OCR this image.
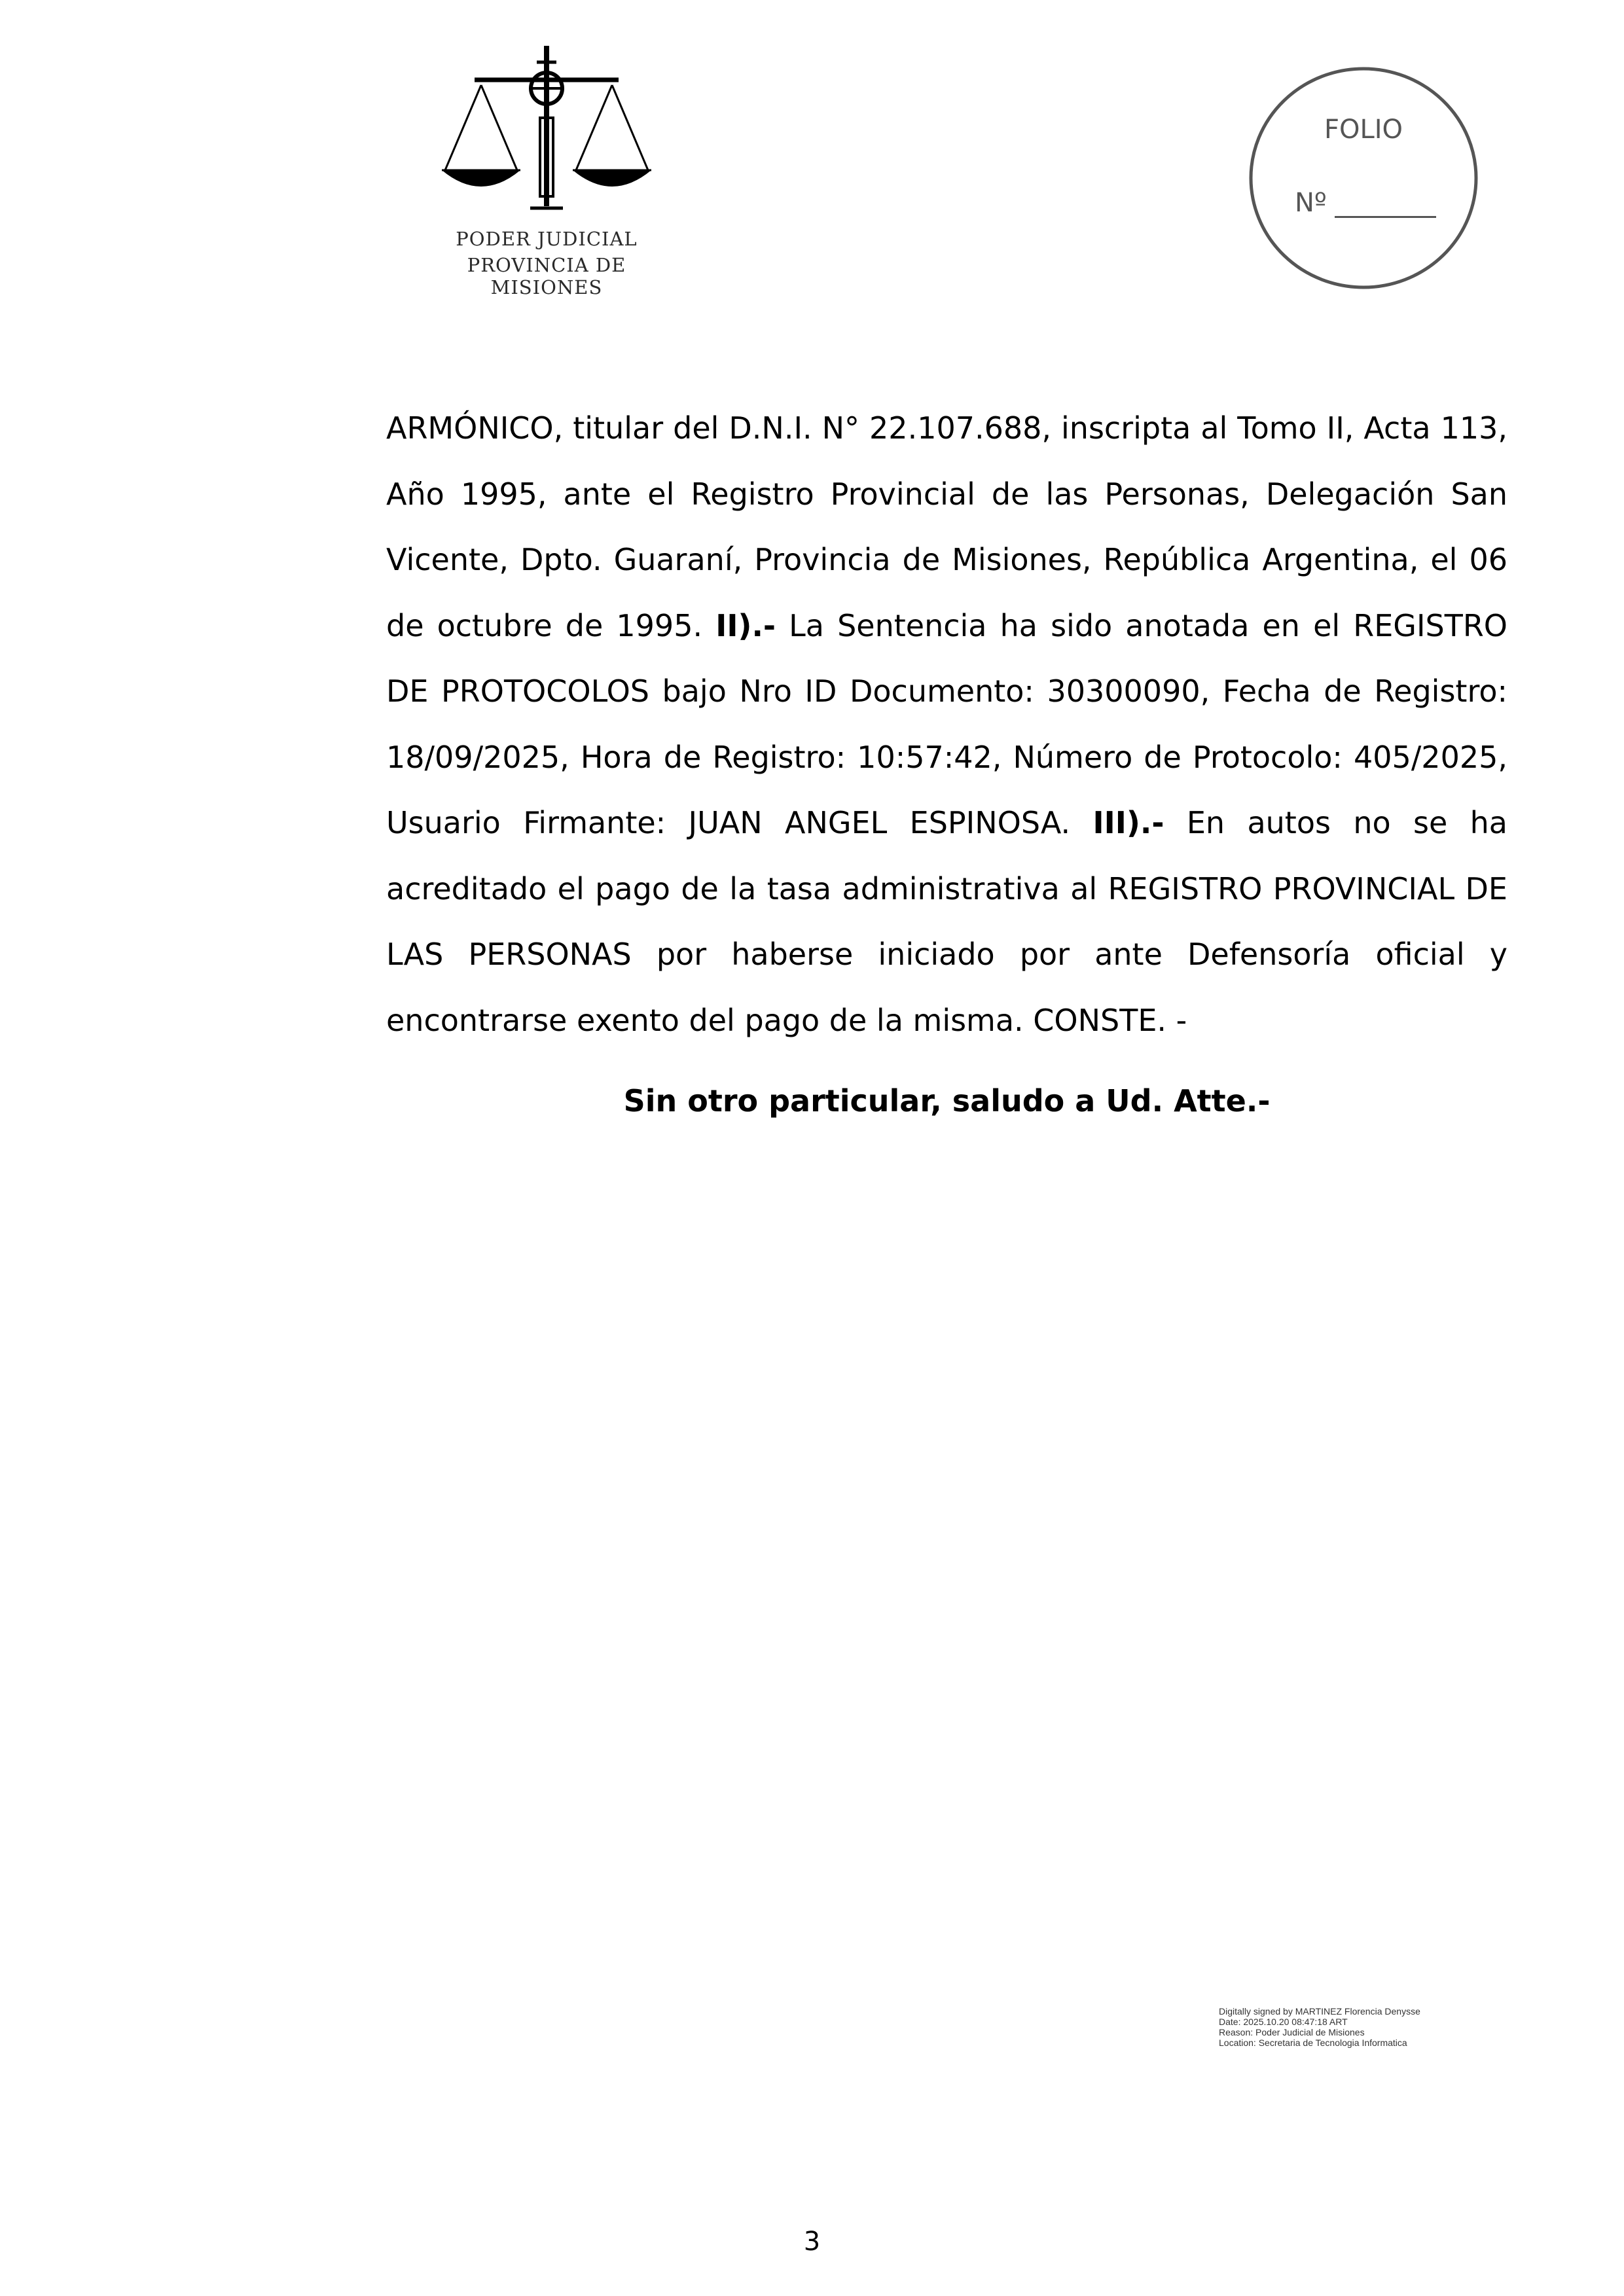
PODER JUDICIAL
PROVINCIA DE MISIONES
FOLIO
Nº
ARMÓNICO, titular del D.N.I. N° 22.107.688, inscripta al Tomo II, Acta 113, Año 1995, ante el Registro Provincial de las Personas, Delegación San Vicente, Dpto. Guaraní, Provincia de Misiones, República Argentina, el 06 de octubre de 1995. II).- La Sentencia ha sido anotada en el REGISTRO DE PROTOCOLOS bajo Nro ID Documento: 30300090, Fecha de Registro: 18/09/2025, Hora de Registro: 10:57:42, Número de Protocolo: 405/2025, Usuario Firmante: JUAN ANGEL ESPINOSA. III).- En autos no se ha acreditado el pago de la tasa administrativa al REGISTRO PROVINCIAL DE LAS PERSONAS por haberse iniciado por ante Defensoría oficial y encontrarse exento del pago de la misma. CONSTE. -
Sin otro particular, saludo a Ud. Atte.-
Digitally signed by MARTINEZ Florencia Denysse
Date: 2025.10.20 08:47:18 ART
Reason: Poder Judicial de Misiones
Location: Secretaria de Tecnologia Informatica
3
